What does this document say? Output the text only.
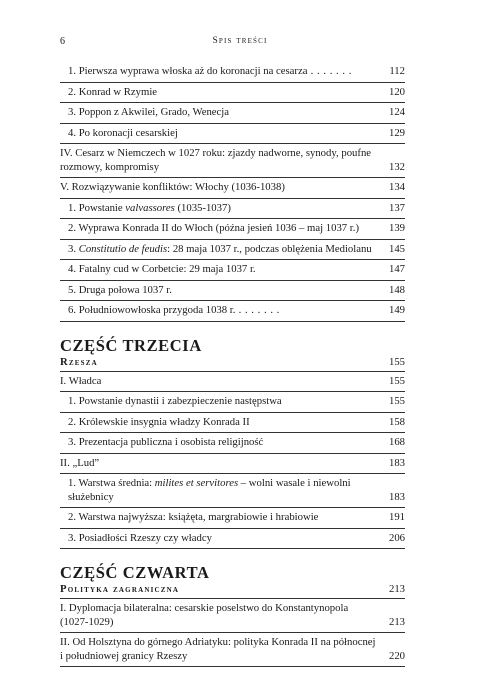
6	Spis treści
1. Pierwsza wyprawa włoska aż do koronacji na cesarza . . .	112
2. Konrad w Rzymie	120
3. Poppon z Akwilei, Grado, Wenecja	124
4. Po koronacji cesarskiej	129
IV. Cesarz w Niemczech w 1027 roku: zjazdy nadworne, synody, poufne rozmowy, kompromisy	132
V. Rozwiązywanie konfliktów: Włochy (1036-1038)	134
1. Powstanie valvassores (1035-1037)	137
2. Wyprawa Konrada II do Włoch (późna jesień 1036 – maj 1037 r.)	139
3. Constitutio de feudis: 28 maja 1037 r., podczas oblężenia Mediolanu 145
4. Fatalny cud w Corbetcie: 29 maja 1037 r.	147
5. Druga połowa 1037 r.	148
6. Południowowłoska przygoda 1038 r. . . .	149
CZĘŚĆ TRZECIA
Rzesza	155
I. Władca	155
1. Powstanie dynastii i zabezpieczenie następstwa	155
2. Królewskie insygnia władzy Konrada II	158
3. Prezentacja publiczna i osobista religijność	168
II. „Lud”	183
1. Warstwa średnia: milites et servitores – wolni wasale i niewolni służebnicy	183
2. Warstwa najwyższa: książęta, margrabiowie i hrabiowie	191
3. Posiadłości Rzeszy czy władcy	206
CZĘŚĆ CZWARTA
Polityka zagraniczna	213
I. Dyplomacja bilateralna: cesarskie poselstwo do Konstantynopola (1027-1029)	213
II. Od Holsztyna do górnego Adriatyku: polityka Konrada II na północnej i południowej granicy Rzeszy	220
